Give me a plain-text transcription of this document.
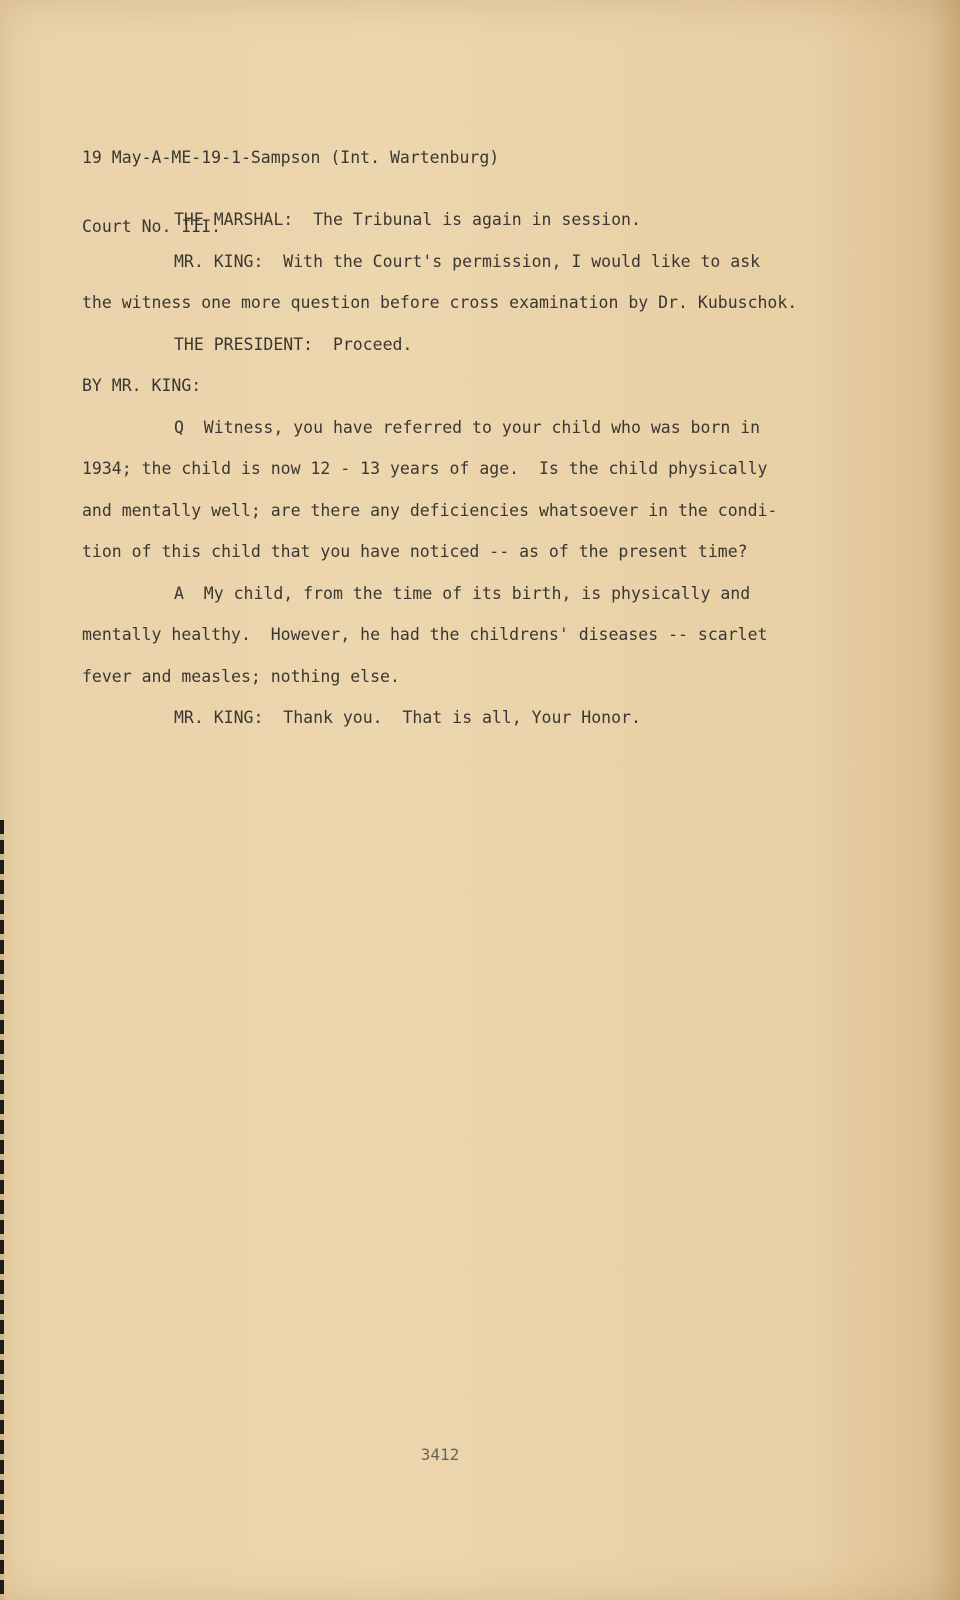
19 May-A-ME-19-1-Sampson (Int. Wartenburg)

Court No. III.

THE MARSHAL:  The Tribunal is again in session.
MR. KING:  With the Court's permission, I would like to ask
the witness one more question before cross examination by Dr. Kubuschok.
THE PRESIDENT:  Proceed.
BY MR. KING:
Q  Witness, you have referred to your child who was born in
1934; the child is now 12 - 13 years of age.  Is the child physically
and mentally well; are there any deficiencies whatsoever in the condi-
tion of this child that you have noticed -- as of the present time?
A  My child, from the time of its birth, is physically and
mentally healthy.  However, he had the childrens' diseases -- scarlet
fever and measles; nothing else.
MR. KING:  Thank you.  That is all, Your Honor.
3412
